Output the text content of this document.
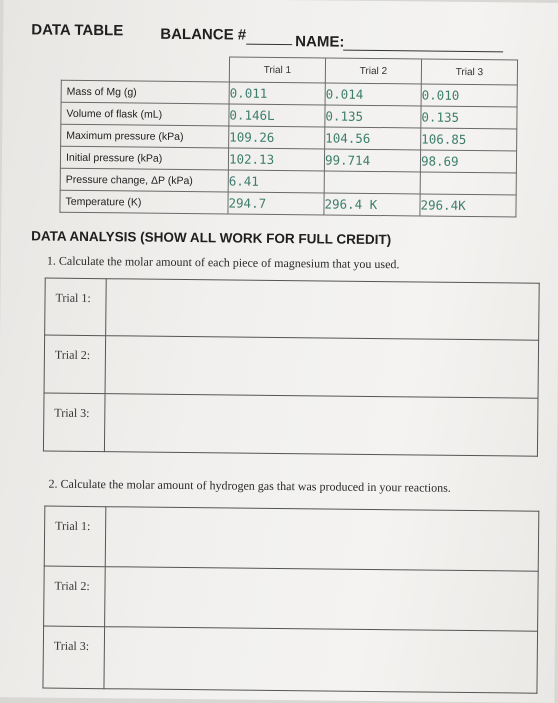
DATA TABLE BALANCE #	NAME:
	Trial 1	Trial 2	Trial 3
Mass of Mg (g)	0.011	0.014	0.010
Volume of flask (mL)	0.146L	0.135	0.135
Maximum pressure (kPa)	109.26	104.56	106.85
Initial pressure (kPa)	102.13	99.714	98.69
Pressure change, ΔP (kPa)	6.41		
Temperature (K)	294.7	296.4 K	296.4K
DATA ANALYSIS (SHOW ALL WORK FOR FULL CREDIT)
1. Calculate the molar amount of each piece of magnesium that you used.
Trial 1:	
Trial 2:	
Trial 3:	
2. Calculate the molar amount of hydrogen gas that was produced in your reactions.
Trial 1:	
Trial 2:	
Trial 3:	
